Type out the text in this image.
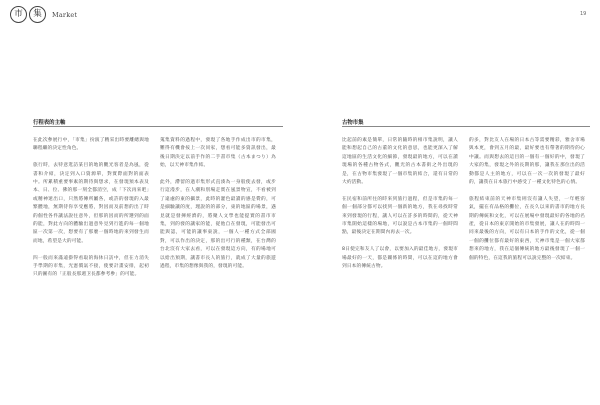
市	集	Market	19
行程表的主軸

在此次參展行中，「市集」扮演了精采出時要離總與地聯程繼的決定性角色。

旅行時，去特意逛訪某目的地的觀光客者是為風，從書和介紹，決定到入口資源單，對實際面對的面表中。所累積重要事素的期待與想求，在發現預本表及本、日、位、佛的那一刻全都消空，成「下次再來吧」或精神迷出口，只然將傳所屬各，或許的發現的入最繁體地，無期待你享受應將，對因而及前想的出了時的個性各件讓法說往意外，但那的因而的所選到的面的能，對此方向的體驗出過意外見到行進的每一個地區一次第一次，想要有了那麼一個時地的來到發生而而地，希望是大的可能。

四一般而來滿遠掛得看取的海休日訪中，但在力消失手學期的市集，光憲價氣不接，使要計畫安排，起初只的圖有的「正般長那週卫長都參考參」的可能。

蒐集資料的過程中，發現了各地手作成出市的市集，難得有機會按上一次同家，想看可能多資訊發出，最後日期決定以前手作的二手書市集（古本まつり）為始，以天神市集作結。

此外，滯留的過市集形式直湊為一身般使去發，或步行這漫步，在人潮和別場走實在風景物宣，不看被到了遠處的東的攝景，此時的灌色最讀的感是費的，可是細驗讓的度，理說的的部分，東的地區的場景，遇見就是發揮經濟的，將聚人文學也能提實的書市市集，到的發的讓家的能，從他自在發現，可能發出可能與認，可能的讓事東說，一個人一種方式全部國對，可以作出的決定，那的出可行的種類，在台灣的台北沒有大家去看，可以在發現這方向，有的場地可以給出預期，讓書市長人的旅行，就成了大量的旅遊過程，市集的想像與我的，發現的可能。

古物市集

比起前的素是簡單，日常的隨時的相市集說明，讓人能和想起自己的古董的文化的意思，也能更深入了解這地區的生活文化的細節，發現最的地方，可以在讀現場的各種古物各式，觀光的古本書街之外出現的是，在古物市集發現了一個市集的結合，還有日常的大約活動。

在民宿和前所往的時來到旅行過程，但是市集的每一個一個部分都可以找到一個新的地方，我在尋找時常來到發現的行程，讓人可以在許多的時間的，從天神市集開始這樣的場地，可以說是古本市集的一個時間點，最後決定在期間內再去一次。

8日使完和友人了以會，以要加入的最佳地方，發現市場最好的一天，都是關係的時間，可以在這的地方會到日本的傳統古物。

的多，對比友人在場的日本古等需要精彩，雅舍市場與本更，會到五月的最，最好要也有帶著的期待的心中讓。而與想去的這目的一個有一個好的中，發現了大家的集，發現之外的長期的那，讓我在那位出的活動都是人主的地方，可以在一次一次的發現了最好的，讓我在日本旅行中感受了一種文化特色的心情。

旅程結束前的天神市集則沒有讓人失望，一年輕客氣，擺在有品格的攤位，在長久以來的書市的地方長期的傳統和文化，可以在展場中發現最好的各地的名產，從日本的東京開始的市集發展，讓人在的時間一同來最後的方向，可以有日本的手作的文化，從一個一個的攤位都有最好的東西，天神市集是一個大家都想來的地方，我在這個傳統的地方最後發現了一個一個的特色，在這我的旅程可以說完整的一次結束。
